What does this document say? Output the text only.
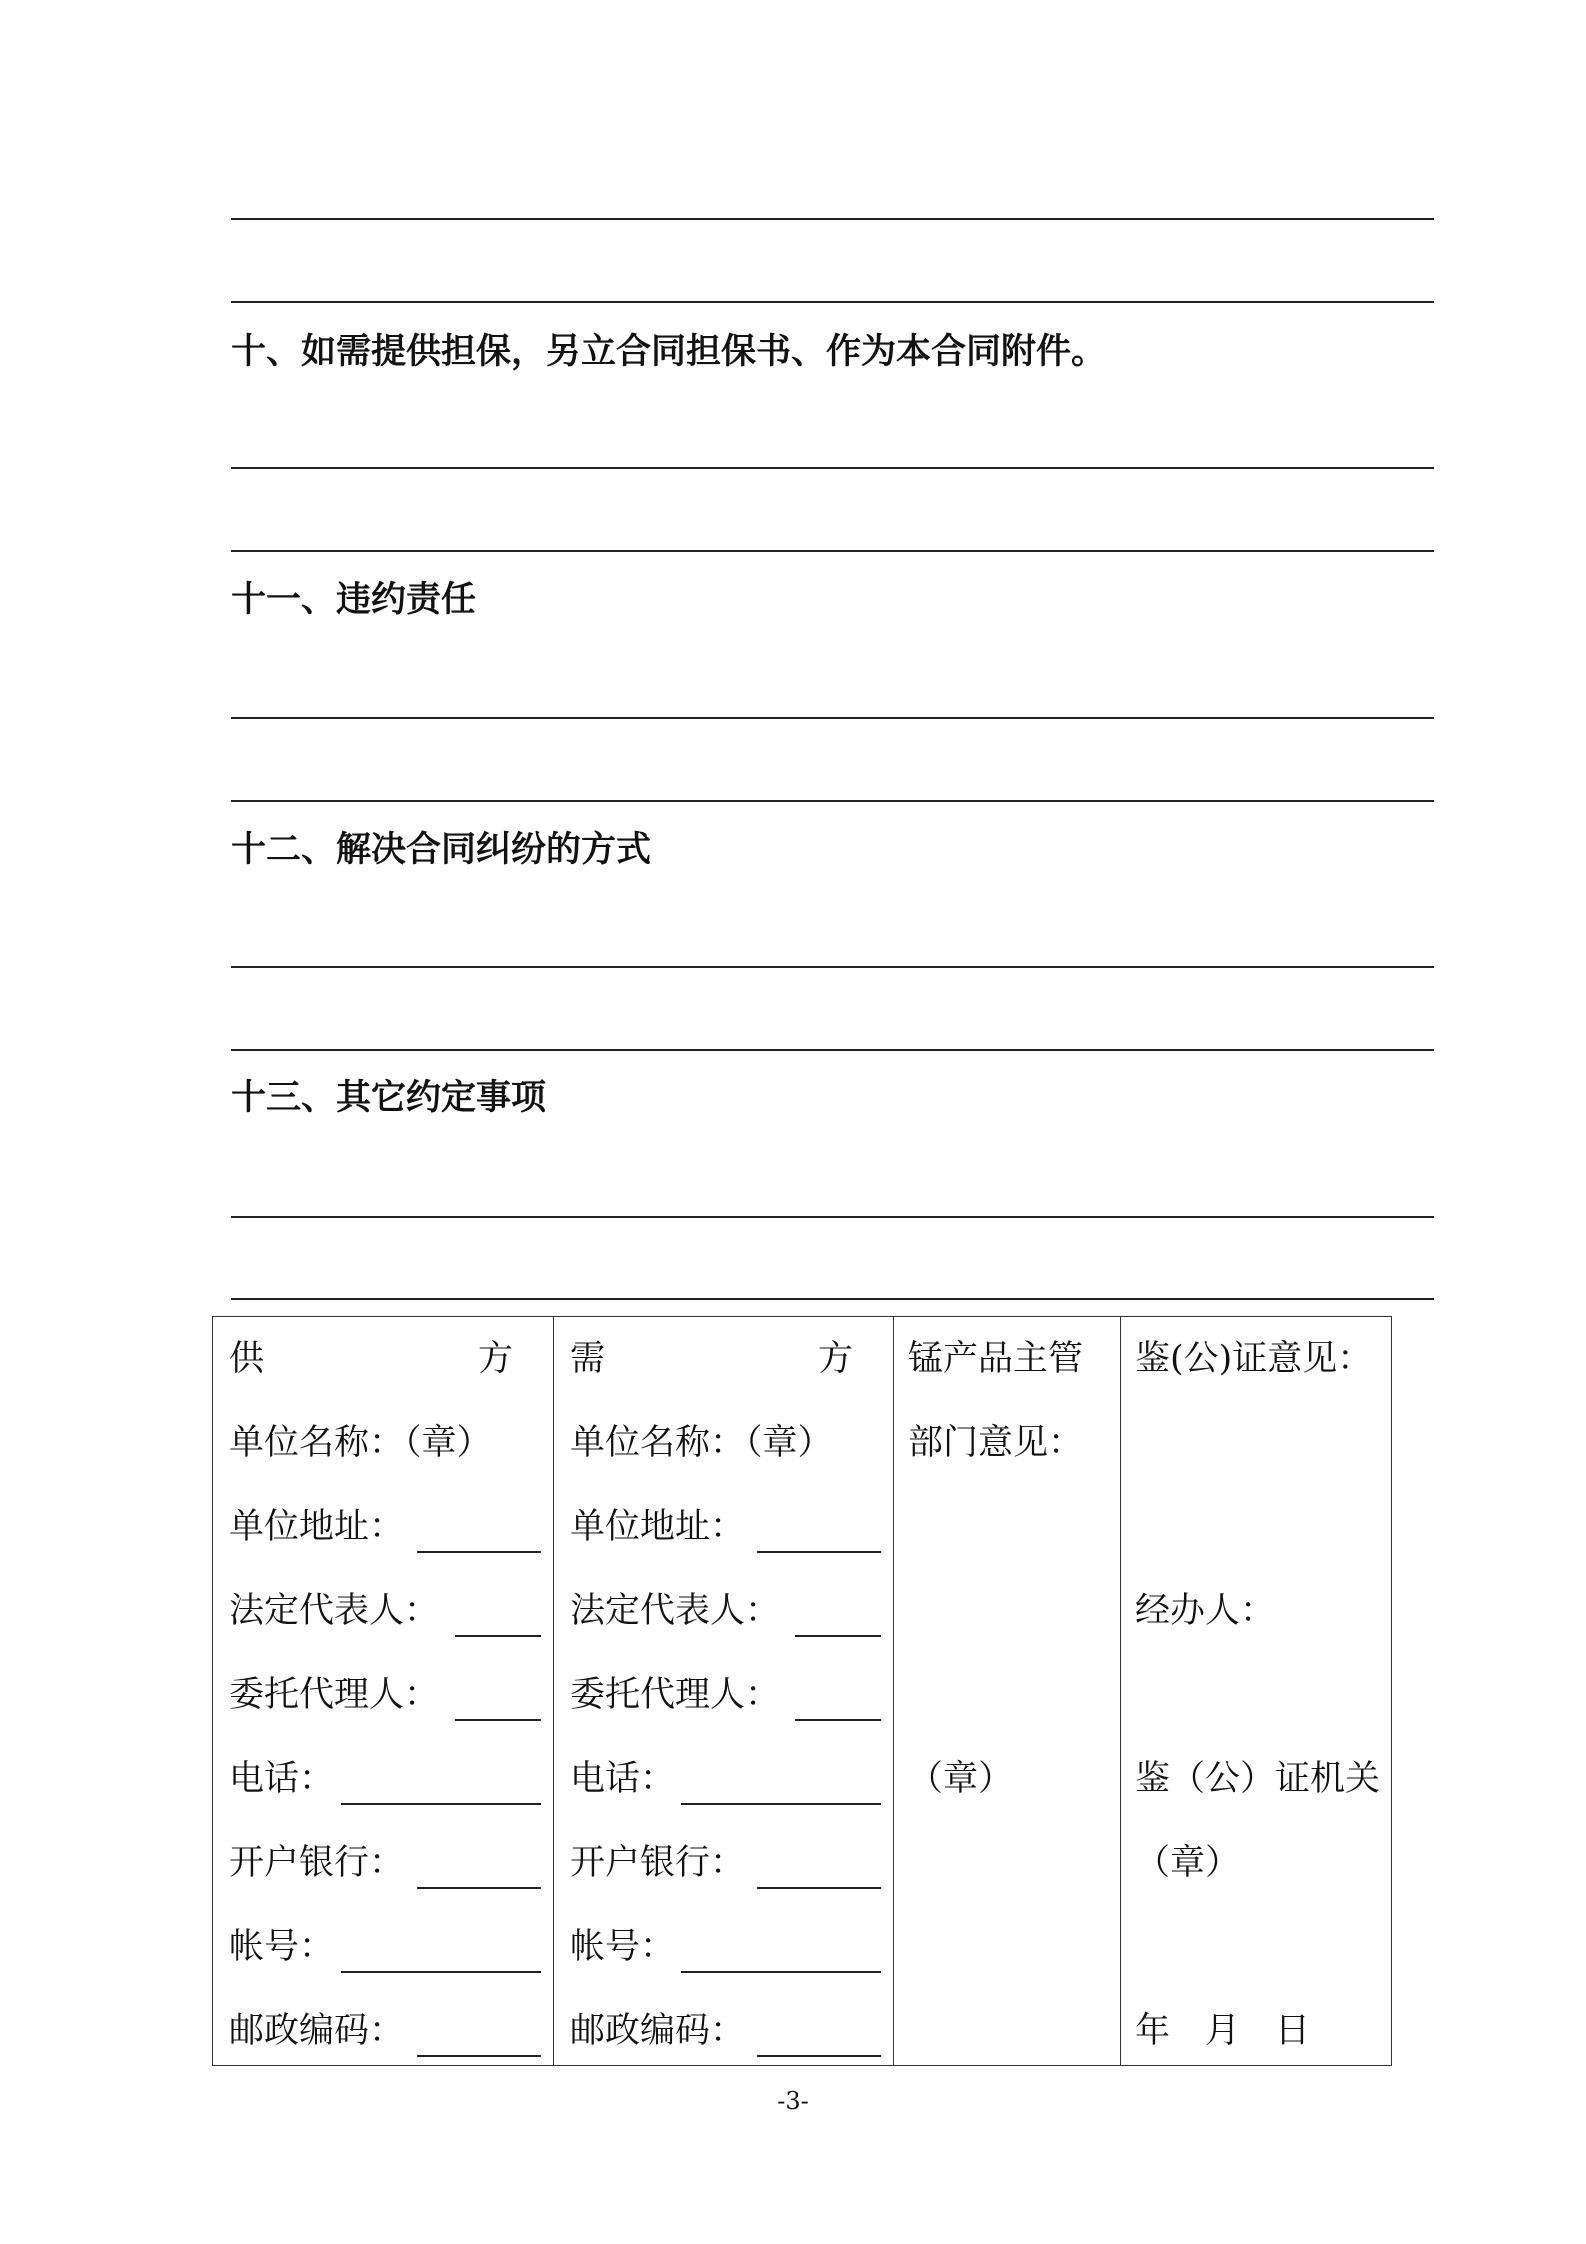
十、如需提供担保，另立合同担保书、作为本合同附件。
十一、违约责任
十二、解决合同纠纷的方式
十三、其它约定事项
供	方
单位名称：（章）
单位地址：
法定代表人：
委托代理人：
电话：
开户银行：
帐号：
邮政编码：
需	方
单位名称：（章）
单位地址：
法定代表人：
委托代理人：
电话：
开户银行：
帐号：
邮政编码：
锰产品主管
部门意见：
（章）
鉴(公)证意见：
经办人：
鉴（公）证机关
（章）
年　月　日
-3-
